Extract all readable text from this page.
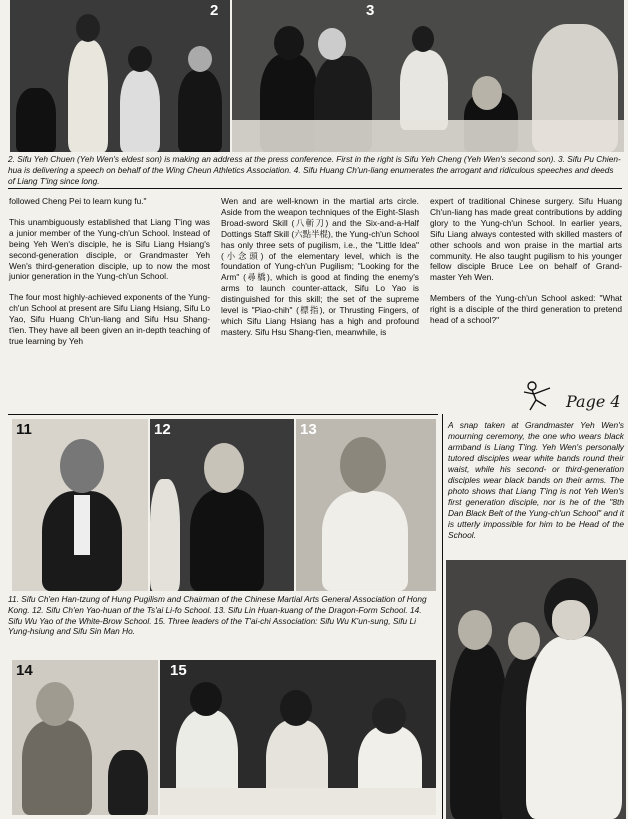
2	3
2. Sifu Yeh Chuen (Yeh Wen's eldest son) is making an address at the press conference. First in the right is Sifu Yeh Cheng (Yeh Wen's second son). 3. Sifu Pu Chien-hua is delivering a speech on behalf of the Wing Cheun Athletics Association. 4. Sifu Huang Ch'un-liang enumerates the arrogant and ridiculous speeches and deeds of Liang T'ing since long.

followed Cheng Pei to learn kung fu."

This unambiguously established that Liang T'ing was a junior member of the Yung-ch'un School. Instead of being Yeh Wen's disciple, he is Sifu Liang Hsiang's second-generation disciple, or Grandmaster Yeh Wen's third-generation disciple, up to now the most junior generation in the Yung-ch'un School.

The four most highly-achieved exponents of the Yung-ch'un School at present are Sifu Liang Hsiang, Sifu Lo Yao, Sifu Huang Ch'un-liang and Sifu Hsu Shang-t'ien. They have all been given an in-depth teaching of true learning by Yeh

Wen and are well-known in the martial arts circle. Aside from the weapon techniques of the Eight-Slash Broad-sword Skill (八斬刀) and the Six-and-a-Half Dottings Staff Skill (六點半棍), the Yung-ch'un School has only three sets of pugilism, i.e., the "Little Idea" (小念頭) of the elementary level, which is the foundation of Yung-ch'un Pugilism; "Looking for the Arm" (尋橋), which is good at finding the enemy's arms to launch counter-attack, Sifu Lo Yao is distinguished for this skill; the set of the supreme level is "Piao-chih" (標指), or Thrusting Fingers, of which Sifu Liang Hsiang has a high and profound mastery. Sifu Hsu Shang-t'ien, meanwhile, is

expert of traditional Chinese surgery. Sifu Huang Ch'un-liang has made great contributions by adding glory to the Yung-ch'un School. In earlier years, Sifu Liang always contested with skilled masters of other schools and won praise in the martial arts community. He also taught pugilism to his younger fellow disciple Bruce Lee on behalf of Grand-master Yeh Wen.

Members of the Yung-ch'un School asked: "What right is a disciple of the third generation to pretend head of a school?"

Page 4
11	12	13
11. Sifu Ch'en Han-tzung of Hung Pugilism and Chairman of the Chinese Martial Arts General Association of Hong Kong. 12. Sifu Ch'en Yao-huan of the Ts'ai Li-fo School. 13. Sifu Lin Huan-kuang of the Dragon-Form School. 14. Sifu Wu Yao of the White-Brow School. 15. Three leaders of the T'ai-chi Association: Sifu Wu K'un-sung, Sifu Li Yung-hsiung and Sifu Sin Man Ho.
14	15
A snap taken at Grandmaster Yeh Wen's mourning ceremony, the one who wears black armband is Liang T'ing. Yeh Wen's personally tutored disciples wear white bands round their waist, while his second- or third-generation disciples wear black bands on their arms. The photo shows that Liang T'ing is not Yeh Wen's first generation disciple, nor is he of the "8th Dan Black Belt of the Yung-ch'un School" and it is utterly impossible for him to be Head of the School.
